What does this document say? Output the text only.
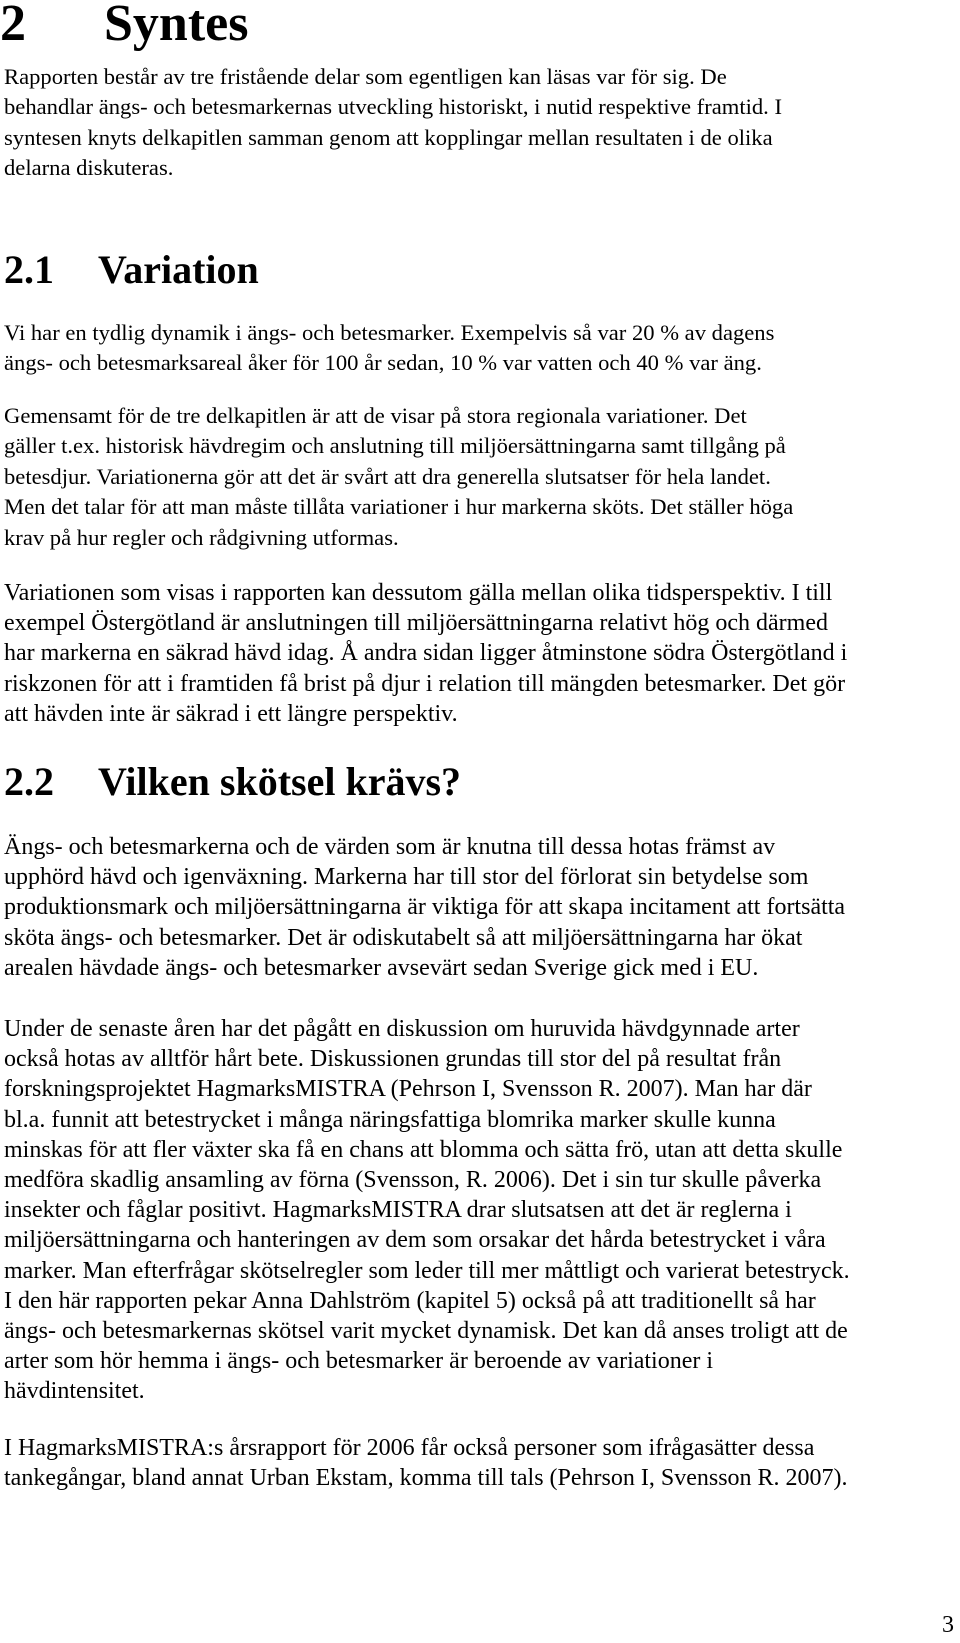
2 Syntes
Rapporten består av tre fristående delar som egentligen kan läsas var för sig. De
behandlar ängs- och betesmarkernas utveckling historiskt, i nutid respektive framtid. I
syntesen knyts delkapitlen samman genom att kopplingar mellan resultaten i de olika
delarna diskuteras.
2.1 Variation
Vi har en tydlig dynamik i ängs- och betesmarker. Exempelvis så var 20 % av dagens
ängs- och betesmarksareal åker för 100 år sedan, 10 % var vatten och 40 % var äng.
Gemensamt för de tre delkapitlen är att de visar på stora regionala variationer. Det
gäller t.ex. historisk hävdregim och anslutning till miljöersättningarna samt tillgång på
betesdjur. Variationerna gör att det är svårt att dra generella slutsatser för hela landet.
Men det talar för att man måste tillåta variationer i hur markerna sköts. Det ställer höga
krav på hur regler och rådgivning utformas.
Variationen som visas i rapporten kan dessutom gälla mellan olika tidsperspektiv. I till
exempel Östergötland är anslutningen till miljöersättningarna relativt hög och därmed
har markerna en säkrad hävd idag. Å andra sidan ligger åtminstone södra Östergötland i
riskzonen för att i framtiden få brist på djur i relation till mängden betesmarker. Det gör
att hävden inte är säkrad i ett längre perspektiv.
2.2 Vilken skötsel krävs?
Ängs- och betesmarkerna och de värden som är knutna till dessa hotas främst av
upphörd hävd och igenväxning. Markerna har till stor del förlorat sin betydelse som
produktionsmark och miljöersättningarna är viktiga för att skapa incitament att fortsätta
sköta ängs- och betesmarker. Det är odiskutabelt så att miljöersättningarna har ökat
arealen hävdade ängs- och betesmarker avsevärt sedan Sverige gick med i EU.
Under de senaste åren har det pågått en diskussion om huruvida hävdgynnade arter
också hotas av alltför hårt bete. Diskussionen grundas till stor del på resultat från
forskningsprojektet HagmarksMISTRA (Pehrson I, Svensson R. 2007). Man har där
bl.a. funnit att betestrycket i många näringsfattiga blomrika marker skulle kunna
minskas för att fler växter ska få en chans att blomma och sätta frö, utan att detta skulle
medföra skadlig ansamling av förna (Svensson, R. 2006). Det i sin tur skulle påverka
insekter och fåglar positivt. HagmarksMISTRA drar slutsatsen att det är reglerna i
miljöersättningarna och hanteringen av dem som orsakar det hårda betestrycket i våra
marker. Man efterfrågar skötselregler som leder till mer måttligt och varierat betestryck.
I den här rapporten pekar Anna Dahlström (kapitel 5) också på att traditionellt så har
ängs- och betesmarkernas skötsel varit mycket dynamisk. Det kan då anses troligt att de
arter som hör hemma i ängs- och betesmarker är beroende av variationer i
hävdintensitet.
I HagmarksMISTRA:s årsrapport för 2006 får också personer som ifrågasätter dessa
tankegångar, bland annat Urban Ekstam, komma till tals (Pehrson I, Svensson R. 2007).
3
